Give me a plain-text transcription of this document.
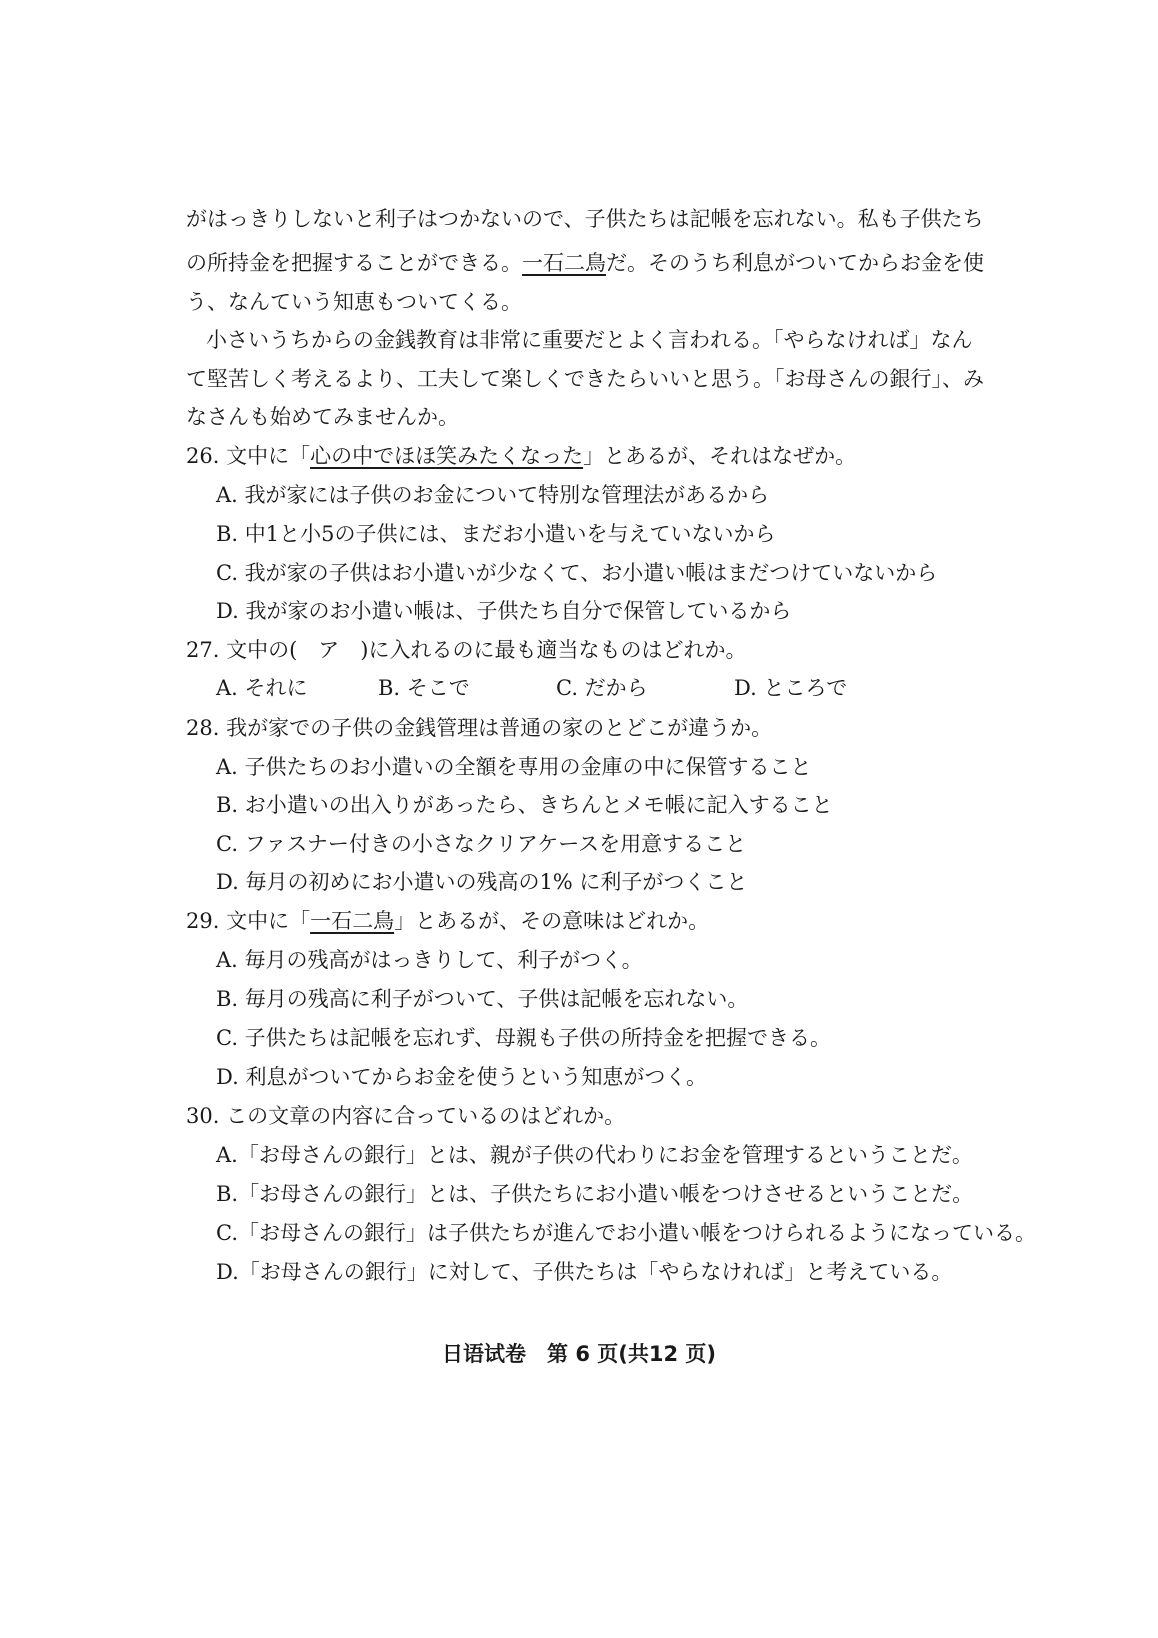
がはっきりしないと利子はつかないので、子供たちは記帳を忘れない。私も子供たち
の所持金を把握することができる。一石二鳥だ。そのうち利息がついてからお金を使
う、なんていう知恵もついてくる。
小さいうちからの金銭教育は非常に重要だとよく言われる。「やらなければ」なん
て堅苦しく考えるより、工夫して楽しくできたらいいと思う。「お母さんの銀行」、み
なさんも始めてみませんか。
26. 文中に「心の中でほほ笑みたくなった」とあるが、それはなぜか。
A. 我が家には子供のお金について特別な管理法があるから
B. 中1と小5の子供には、まだお小遣いを与えていないから
C. 我が家の子供はお小遣いが少なくて、お小遣い帳はまだつけていないから
D. 我が家のお小遣い帳は、子供たち自分で保管しているから
27. 文中の(　ア　)に入れるのに最も適当なものはどれか。
A. それに	B. そこで	C. だから	D. ところで
28. 我が家での子供の金銭管理は普通の家のとどこが違うか。
A. 子供たちのお小遣いの全額を専用の金庫の中に保管すること
B. お小遣いの出入りがあったら、きちんとメモ帳に記入すること
C. ファスナー付きの小さなクリアケースを用意すること
D. 毎月の初めにお小遣いの残高の1% に利子がつくこと
29. 文中に「一石二鳥」とあるが、その意味はどれか。
A. 毎月の残高がはっきりして、利子がつく。
B. 毎月の残高に利子がついて、子供は記帳を忘れない。
C. 子供たちは記帳を忘れず、母親も子供の所持金を把握できる。
D. 利息がついてからお金を使うという知恵がつく。
30. この文章の内容に合っているのはどれか。
A.「お母さんの銀行」とは、親が子供の代わりにお金を管理するということだ。
B.「お母さんの銀行」とは、子供たちにお小遣い帳をつけさせるということだ。
C.「お母さんの銀行」は子供たちが進んでお小遣い帳をつけられるようになっている。
D.「お母さんの銀行」に対して、子供たちは「やらなければ」と考えている。
日语试卷　第 6 页(共12 页)
